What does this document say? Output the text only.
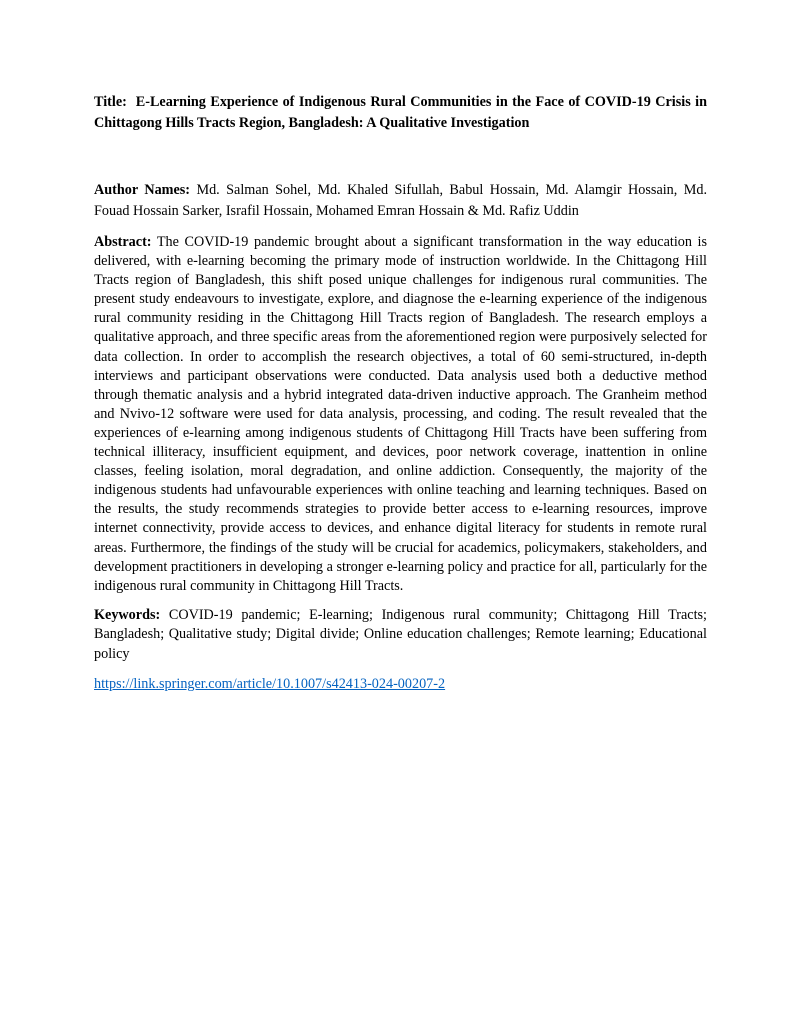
Title: E-Learning Experience of Indigenous Rural Communities in the Face of COVID-19 Crisis in Chittagong Hills Tracts Region, Bangladesh: A Qualitative Investigation

Author Names: Md. Salman Sohel, Md. Khaled Sifullah, Babul Hossain, Md. Alamgir Hossain, Md. Fouad Hossain Sarker, Israfil Hossain, Mohamed Emran Hossain & Md. Rafiz Uddin
Abstract: The COVID-19 pandemic brought about a significant transformation in the way education is delivered, with e-learning becoming the primary mode of instruction worldwide. In the Chittagong Hill Tracts region of Bangladesh, this shift posed unique challenges for indigenous rural communities. The present study endeavours to investigate, explore, and diagnose the e-learning experience of the indigenous rural community residing in the Chittagong Hill Tracts region of Bangladesh. The research employs a qualitative approach, and three specific areas from the aforementioned region were purposively selected for data collection. In order to accomplish the research objectives, a total of 60 semi-structured, in-depth interviews and participant observations were conducted. Data analysis used both a deductive method through thematic analysis and a hybrid integrated data-driven inductive approach. The Granheim method and Nvivo-12 software were used for data analysis, processing, and coding. The result revealed that the experiences of e-learning among indigenous students of Chittagong Hill Tracts have been suffering from technical illiteracy, insufficient equipment, and devices, poor network coverage, inattention in online classes, feeling isolation, moral degradation, and online addiction. Consequently, the majority of the indigenous students had unfavourable experiences with online teaching and learning techniques. Based on the results, the study recommends strategies to provide better access to e-learning resources, improve internet connectivity, provide access to devices, and enhance digital literacy for students in remote rural areas. Furthermore, the findings of the study will be crucial for academics, policymakers, stakeholders, and development practitioners in developing a stronger e-learning policy and practice for all, particularly for the indigenous rural community in Chittagong Hill Tracts.
Keywords: COVID-19 pandemic; E-learning; Indigenous rural community; Chittagong Hill Tracts; Bangladesh; Qualitative study; Digital divide; Online education challenges; Remote learning; Educational policy
https://link.springer.com/article/10.1007/s42413-024-00207-2
